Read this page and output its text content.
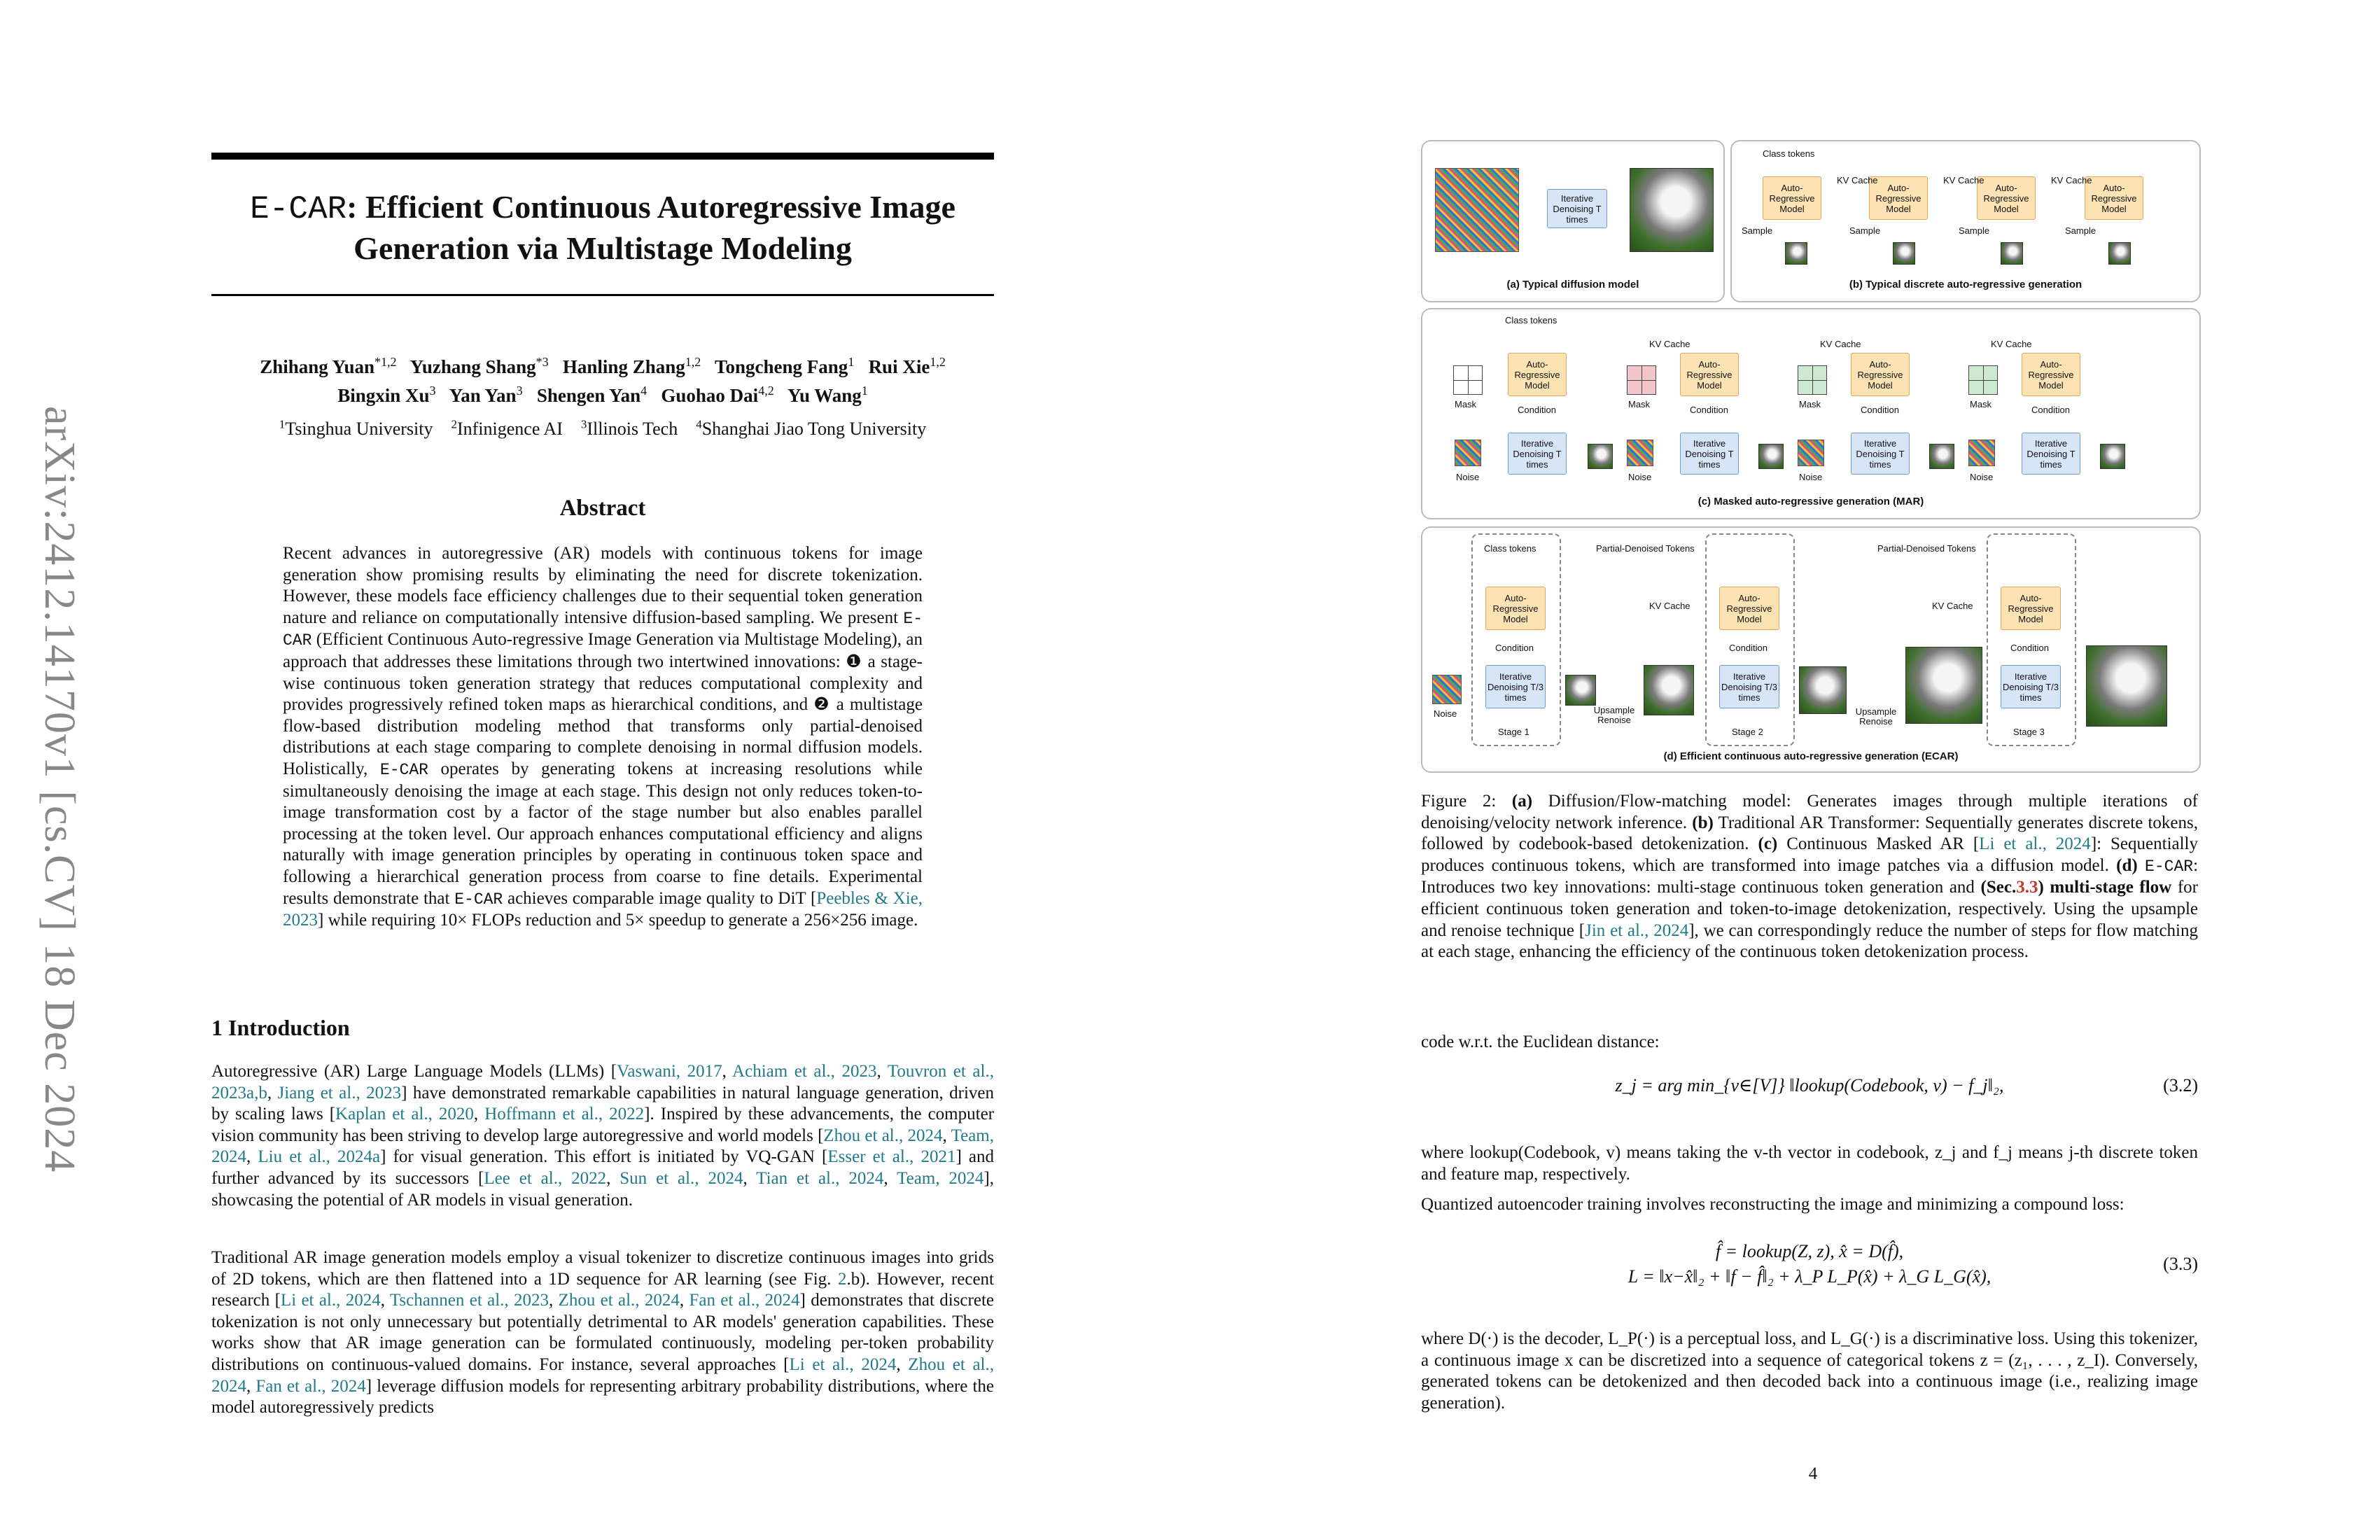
arXiv:2412.14170v1 [cs.CV] 18 Dec 2024
E-CAR: Efficient Continuous Autoregressive Image
Generation via Multistage Modeling
Zhihang Yuan$^{*1,2}$ Yuzhang Shang$^{*3}$ Hanling Zhang$^{1,2}$ Tongcheng Fang$^1$ Rui Xie$^{1,2}$
Bingxin Xu$^3$ Yan Yan$^3$ Shengen Yan$^4$ Guohao Dai$^{4,2}$ Yu Wang$^1$
$^1$Tsinghua University $^2$Infinigence AI $^3$Illinois Tech $^4$Shanghai Jiao Tong University
Abstract
Recent advances in autoregressive (AR) models with continuous tokens for image generation show promising results by eliminating the need for discrete tokenization. However, these models face efficiency challenges due to their sequential token generation nature and reliance on computationally intensive diffusion-based sampling. We present E-CAR (Efficient Continuous Auto-regressive Image Generation via Multistage Modeling), an approach that addresses these limitations through two intertwined innovations: ❶ a stage-wise continuous token generation strategy that reduces computational complexity and provides progressively refined token maps as hierarchical conditions, and ❷ a multistage flow-based distribution modeling method that transforms only partial-denoised distributions at each stage comparing to complete denoising in normal diffusion models. Holistically, E-CAR operates by generating tokens at increasing resolutions while simultaneously denoising the image at each stage. This design not only reduces token-to-image transformation cost by a factor of the stage number but also enables parallel processing at the token level. Our approach enhances computational efficiency and aligns naturally with image generation principles by operating in continuous token space and following a hierarchical generation process from coarse to fine details. Experimental results demonstrate that E-CAR achieves comparable image quality to DiT [Peebles & Xie, 2023] while requiring 10× FLOPs reduction and 5× speedup to generate a 256×256 image.
1 Introduction
Autoregressive (AR) Large Language Models (LLMs) [Vaswani, 2017, Achiam et al., 2023, Touvron et al., 2023a,b, Jiang et al., 2023] have demonstrated remarkable capabilities in natural language generation, driven by scaling laws [Kaplan et al., 2020, Hoffmann et al., 2022]. Inspired by these advancements, the computer vision community has been striving to develop large autoregressive and world models [Zhou et al., 2024, Team, 2024, Liu et al., 2024a] for visual generation. This effort is initiated by VQ-GAN [Esser et al., 2021] and further advanced by its successors [Lee et al., 2022, Sun et al., 2024, Tian et al., 2024, Team, 2024], showcasing the potential of AR models in visual generation.
Traditional AR image generation models employ a visual tokenizer to discretize continuous images into grids of 2D tokens, which are then flattened into a 1D sequence for AR learning (see Fig. 2.b). However, recent research [Li et al., 2024, Tschannen et al., 2023, Zhou et al., 2024, Fan et al., 2024] demonstrates that discrete tokenization is not only unnecessary but potentially detrimental to AR models' generation capabilities. These works show that AR image generation can be formulated continuously, modeling per-token probability distributions on continuous-valued domains. For instance, several approaches [Li et al., 2024, Zhou et al., 2024, Fan et al., 2024] leverage diffusion models for representing arbitrary probability distributions, where the model autoregressively predicts
Iterative Denoising T times
(a) Typical diffusion model
Class tokens
Auto-Regressive Model
Auto-Regressive Model
Auto-Regressive Model
Auto-Regressive Model
KV Cache	KV Cache	KV Cache
Sample	Sample	Sample	Sample
(b) Typical discrete auto-regressive generation
Class tokens
KV Cache	KV Cache	KV Cache
Mask	Mask	Mask	Mask
Auto-Regressive Model
Auto-Regressive Model
Auto-Regressive Model
Auto-Regressive Model
Condition	Condition	Condition	Condition
Noise	Noise	Noise	Noise
Iterative Denoising T times
Iterative Denoising T times
Iterative Denoising T times
Iterative Denoising T times
(c) Masked auto-regressive generation (MAR)
Class tokens	Partial-Denoised Tokens	Partial-Denoised Tokens
KV Cache	KV Cache
Auto-Regressive Model
Auto-Regressive Model
Auto-Regressive Model
Condition	Condition	Condition
Noise
Iterative Denoising T/3 times
Iterative Denoising T/3 times
Iterative Denoising T/3 times
Upsample Renoise
Upsample Renoise
Stage 1	Stage 2	Stage 3
(d) Efficient continuous auto-regressive generation (ECAR)
Figure 2: (a) Diffusion/Flow-matching model: Generates images through multiple iterations of denoising/velocity network inference. (b) Traditional AR Transformer: Sequentially generates discrete tokens, followed by codebook-based detokenization. (c) Continuous Masked AR [Li et al., 2024]: Sequentially produces continuous tokens, which are transformed into image patches via a diffusion model. (d) E-CAR: Introduces two key innovations: multi-stage continuous token generation and (Sec.3.3) multi-stage flow for efficient continuous token generation and token-to-image detokenization, respectively. Using the upsample and renoise technique [Jin et al., 2024], we can correspondingly reduce the number of steps for flow matching at each stage, enhancing the efficiency of the continuous token detokenization process.
code w.r.t. the Euclidean distance:
z_j = arg min_{v∈[V]} ‖lookup(Codebook, v) − f_j‖₂,	(3.2)
where lookup(Codebook, v) means taking the v-th vector in codebook, z_j and f_j means j-th discrete token and feature map, respectively.
Quantized autoencoder training involves reconstructing the image and minimizing a compound loss:
f̂ = lookup(Z, z), x̂ = D(f̂),
L = ‖x−x̂‖₂ + ‖f − f̂‖₂ + λ_P L_P(x̂) + λ_G L_G(x̂),
(3.3)
where D(·) is the decoder, L_P(·) is a perceptual loss, and L_G(·) is a discriminative loss. Using this tokenizer, a continuous image x can be discretized into a sequence of categorical tokens z = (z₁, . . . , z_I). Conversely, generated tokens can be detokenized and then decoded back into a continuous image (i.e., realizing image generation).
4
